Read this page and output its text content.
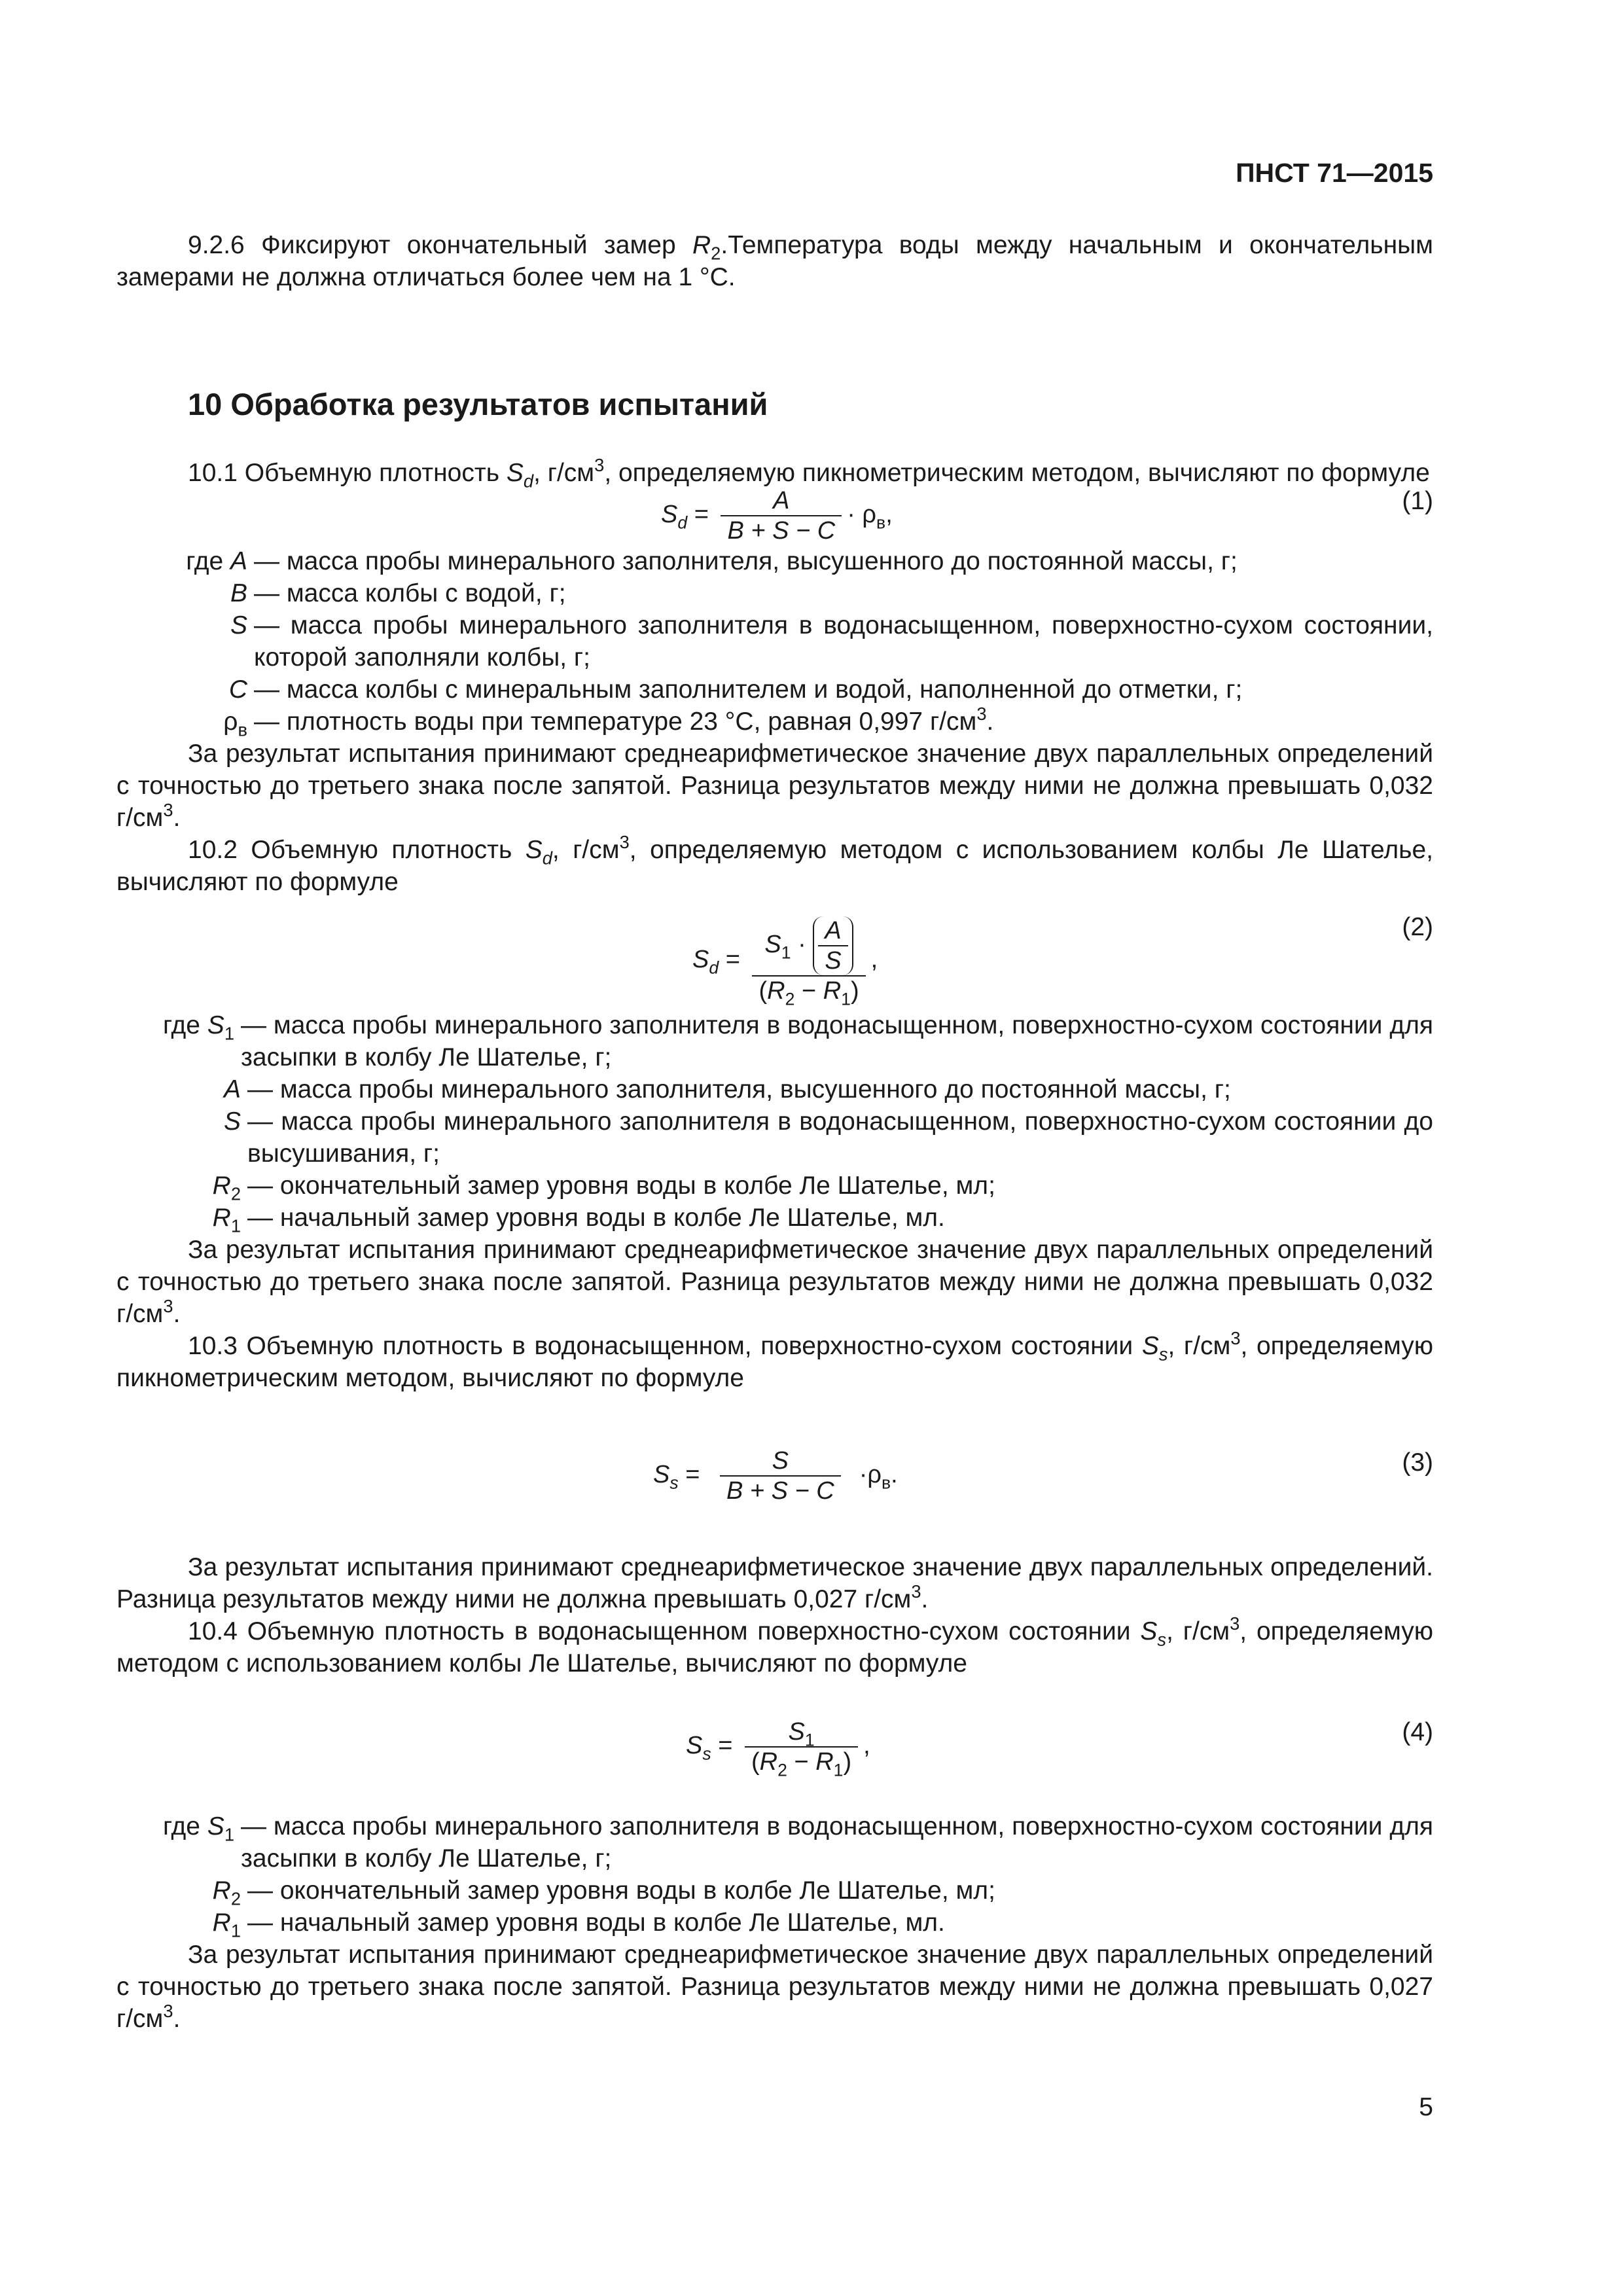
ПНСТ 71—2015

9.2.6 Фиксируют окончательный замер $R_2.Температура$ воды между начальным и окончательным замерами не должна отличаться более чем на 1 °С.

10 Обработка результатов испытаний

10.1 Объемную плотность $S_d$, $г/см^3$, определяемую пикнометрическим методом, вычисляют по формуле

$S_d = \frac{A}{B + S - C} \cdot \rho_в$,	(1)
где A — масса пробы минерального заполнителя, высушенного до постоянной массы, г;
B — масса колбы с водой, г;
S — масса пробы минерального заполнителя в водонасыщенном, поверхностно-сухом состоянии, которой заполняли колбы, г;
C — масса колбы с минеральным заполнителем и водой, наполненной до отметки, г;
$\rho_в$ — плотность воды при температуре 23 °С, равная 0,997 $г/см^3$.

За результат испытания принимают среднеарифметическое значение двух параллельных определений с точностью до третьего знака после запятой. Разница результатов между ними не должна превышать 0,032 $г/см^3$.

10.2 Объемную плотность $S_d$, $г/см^3$, определяемую методом с использованием колбы Ле Шателье, вычисляют по формуле

$S_d = \frac{S_1 \cdot \frac{A}{S}}{(R_2 - R_1)}$ ,
(2)
где $S_1$ — масса пробы минерального заполнителя в водонасыщенном, поверхностно-сухом состоянии для засыпки в колбу Ле Шателье, г;
A — масса пробы минерального заполнителя, высушенного до постоянной массы, г;
S — масса пробы минерального заполнителя в водонасыщенном, поверхностно-сухом состоянии до высушивания, г;
$R_2$ — окончательный замер уровня воды в колбе Ле Шателье, мл;
$R_1$ — начальный замер уровня воды в колбе Ле Шателье, мл.

За результат испытания принимают среднеарифметическое значение двух параллельных определений с точностью до третьего знака после запятой. Разница результатов между ними не должна превышать 0,032 $г/см^3$.

10.3 Объемную плотность в водонасыщенном, поверхностно-сухом состоянии $S_s$, $г/см^3$, определяемую пикнометрическим методом, вычисляют по формуле

$S_s = \frac{S}{B + S - C} \cdot\rho_в$.	(3)

За результат испытания принимают среднеарифметическое значение двух параллельных определений. Разница результатов между ними не должна превышать 0,027 $г/см^3$.

10.4 Объемную плотность в водонасыщенном поверхностно-сухом состоянии $S_s$, $г/см^3$, определяемую методом с использованием колбы Ле Шателье, вычисляют по формуле

$S_s = \frac{S_1}{(R_2 - R_1)}$ ,	(4)
где $S_1$ — масса пробы минерального заполнителя в водонасыщенном, поверхностно-сухом состоянии для засыпки в колбу Ле Шателье, г;
$R_2$ — окончательный замер уровня воды в колбе Ле Шателье, мл;
$R_1$ — начальный замер уровня воды в колбе Ле Шателье, мл.

За результат испытания принимают среднеарифметическое значение двух параллельных определений с точностью до третьего знака после запятой. Разница результатов между ними не должна превышать 0,027 $г/см^3$.

5
